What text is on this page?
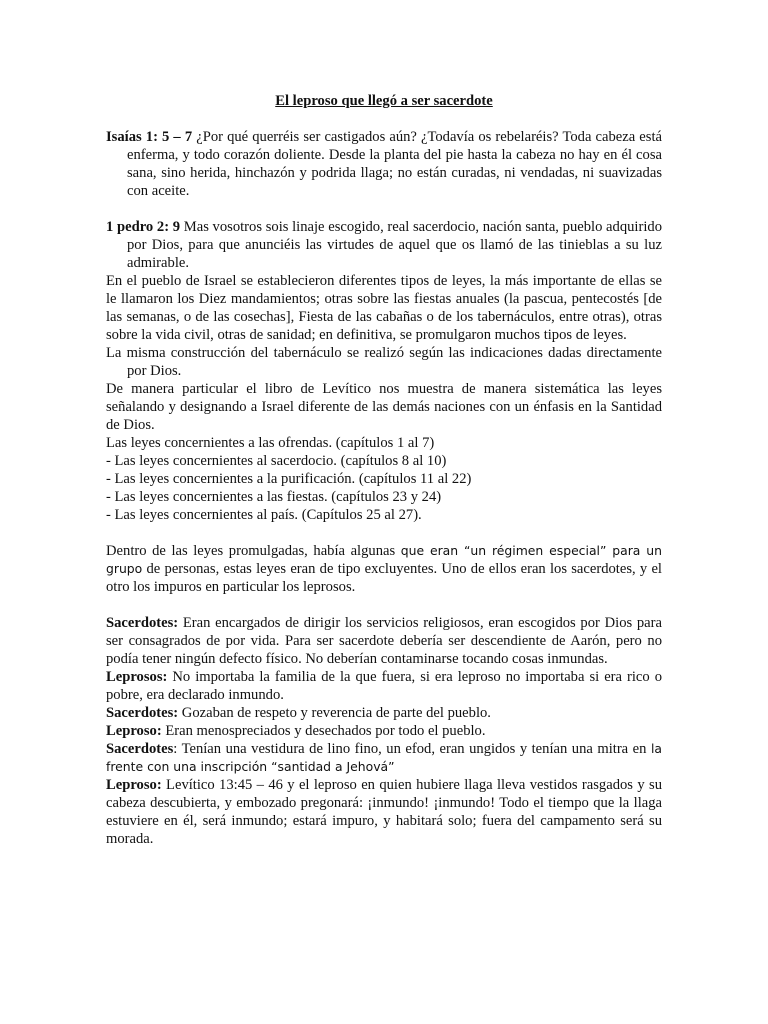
El leproso que llegó a ser sacerdote

Isaías 1: 5 – 7 ¿Por qué querréis ser castigados aún? ¿Todavía os rebelaréis? Toda cabeza está enferma, y todo corazón doliente. Desde la planta del pie hasta la cabeza no hay en él cosa sana, sino herida, hinchazón y podrida llaga; no están curadas, ni vendadas, ni suavizadas con aceite.

1 pedro 2: 9 Mas vosotros sois linaje escogido, real sacerdocio, nación santa, pueblo adquirido por Dios, para que anunciéis las virtudes de aquel que os llamó de las tinieblas a su luz admirable.

En el pueblo de Israel se establecieron diferentes tipos de leyes, la más importante de ellas se le llamaron los Diez mandamientos; otras sobre las fiestas anuales (la pascua, pentecostés [de las semanas, o de las cosechas], Fiesta de las cabañas o de los tabernáculos, entre otras), otras sobre la vida civil, otras de sanidad; en definitiva, se promulgaron muchos tipos de leyes.

La misma construcción del tabernáculo se realizó según las indicaciones dadas directamente por Dios.

De manera particular el libro de Levítico nos muestra de manera sistemática las leyes señalando y designando a Israel diferente de las demás naciones con un énfasis en la Santidad de Dios.

Las leyes concernientes a las ofrendas. (capítulos 1 al 7)

- Las leyes concernientes al sacerdocio. (capítulos 8 al 10)

- Las leyes concernientes a la purificación. (capítulos 11 al 22)

- Las leyes concernientes a las fiestas. (capítulos 23 y 24)

- Las leyes concernientes al país. (Capítulos 25 al 27).

Dentro de las leyes promulgadas, había algunas que eran “un régimen especial” para un grupo de personas, estas leyes eran de tipo excluyentes. Uno de ellos eran los sacerdotes, y el otro los impuros en particular los leprosos.

Sacerdotes: Eran encargados de dirigir los servicios religiosos, eran escogidos por Dios para ser consagrados de por vida. Para ser sacerdote debería ser descendiente de Aarón, pero no podía tener ningún defecto físico. No deberían contaminarse tocando cosas inmundas.

Leprosos: No importaba la familia de la que fuera, si era leproso no importaba si era rico o pobre, era declarado inmundo.

Sacerdotes: Gozaban de respeto y reverencia de parte del pueblo.

Leproso: Eran menospreciados y desechados por todo el pueblo.

Sacerdotes: Tenían una vestidura de lino fino, un efod, eran ungidos y tenían una mitra en la frente con una inscripción “santidad a Jehová”

Leproso: Levítico 13:45 – 46 y el leproso en quien hubiere llaga lleva vestidos rasgados y su cabeza descubierta, y embozado pregonará: ¡inmundo! ¡inmundo! Todo el tiempo que la llaga estuviere en él, será inmundo; estará impuro, y habitará solo; fuera del campamento será su morada.
